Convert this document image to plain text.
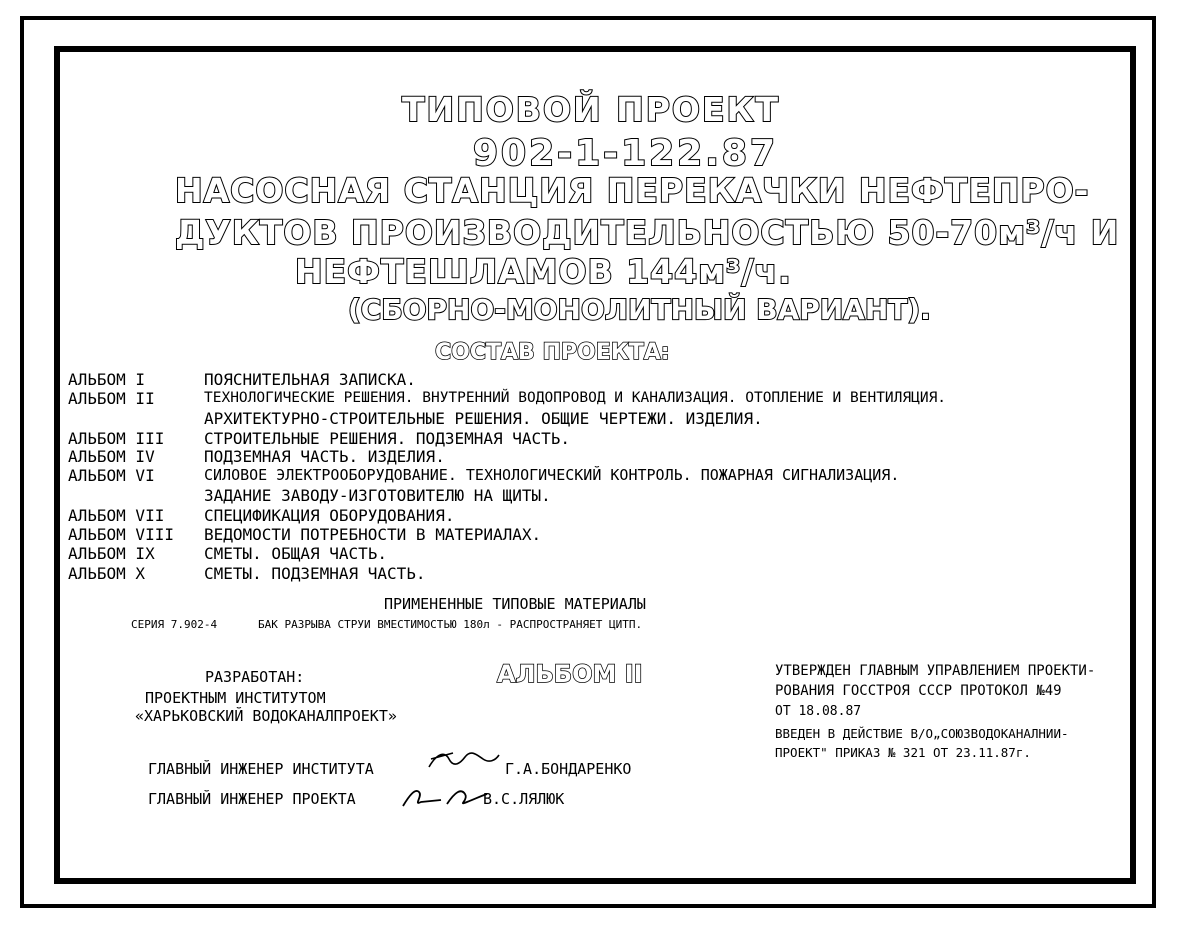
ТИПОВОЙ ПРОЕКТ
902-1-122.87
НАСОСНАЯ СТАНЦИЯ ПЕРЕКАЧКИ НЕФТЕПРО-
ДУКТОВ ПРОИЗВОДИТЕЛЬНОСТЬЮ 50-70м³/ч И
НЕФТЕШЛАМОВ 144м³/ч.
(СБОРНО-МОНОЛИТНЫЙ ВАРИАНТ).
СОСТАВ ПРОЕКТА:
АЛЬБОМ I	ПОЯСНИТЕЛЬНАЯ ЗАПИСКА.
АЛЬБОМ II	ТЕХНОЛОГИЧЕСКИЕ РЕШЕНИЯ. ВНУТРЕННИЙ ВОДОПРОВОД И КАНАЛИЗАЦИЯ. ОТОПЛЕНИЕ И ВЕНТИЛЯЦИЯ.
АРХИТЕКТУРНО-СТРОИТЕЛЬНЫЕ РЕШЕНИЯ. ОБЩИЕ ЧЕРТЕЖИ. ИЗДЕЛИЯ.
АЛЬБОМ III СТРОИТЕЛЬНЫЕ РЕШЕНИЯ. ПОДЗЕМНАЯ ЧАСТЬ.
АЛЬБОМ IV	ПОДЗЕМНАЯ ЧАСТЬ. ИЗДЕЛИЯ.
АЛЬБОМ VI	СИЛОВОЕ ЭЛЕКТРООБОРУДОВАНИЕ. ТЕХНОЛОГИЧЕСКИЙ КОНТРОЛЬ. ПОЖАРНАЯ СИГНАЛИЗАЦИЯ.
ЗАДАНИЕ ЗАВОДУ-ИЗГОТОВИТЕЛЮ НА ЩИТЫ.
АЛЬБОМ VII СПЕЦИФИКАЦИЯ ОБОРУДОВАНИЯ.
АЛЬБОМ VIII ВЕДОМОСТИ ПОТРЕБНОСТИ В МАТЕРИАЛАХ.
АЛЬБОМ IX	СМЕТЫ. ОБЩАЯ ЧАСТЬ.
АЛЬБОМ X	СМЕТЫ. ПОДЗЕМНАЯ ЧАСТЬ.
ПРИМЕНЕННЫЕ ТИПОВЫЕ МАТЕРИАЛЫ
СЕРИЯ 7.902-4	БАК РАЗРЫВА СТРУИ ВМЕСТИМОСТЬЮ 180л - РАСПРОСТРАНЯЕТ ЦИТП.
РАЗРАБОТАН:
ПРОЕКТНЫМ ИНСТИТУТОМ
«ХАРЬКОВСКИЙ ВОДОКАНАЛПРОЕКТ»
АЛЬБОМ II	УТВЕРЖДЕН ГЛАВНЫМ УПРАВЛЕНИЕМ ПРОЕКТИ-
РОВАНИЯ ГОССТРОЯ СССР ПРОТОКОЛ №49
ОТ 18.08.87
ВВЕДЕН В ДЕЙСТВИЕ В/О„СОЮЗВОДОКАНАЛНИИ-
ПРОЕКТ" ПРИКАЗ № 321 ОТ 23.11.87г.
ГЛАВНЫЙ ИНЖЕНЕР ИНСТИТУТА	Г.А.БОНДАРЕНКО
ГЛАВНЫЙ ИНЖЕНЕР ПРОЕКТА	В.С.ЛЯЛЮК
